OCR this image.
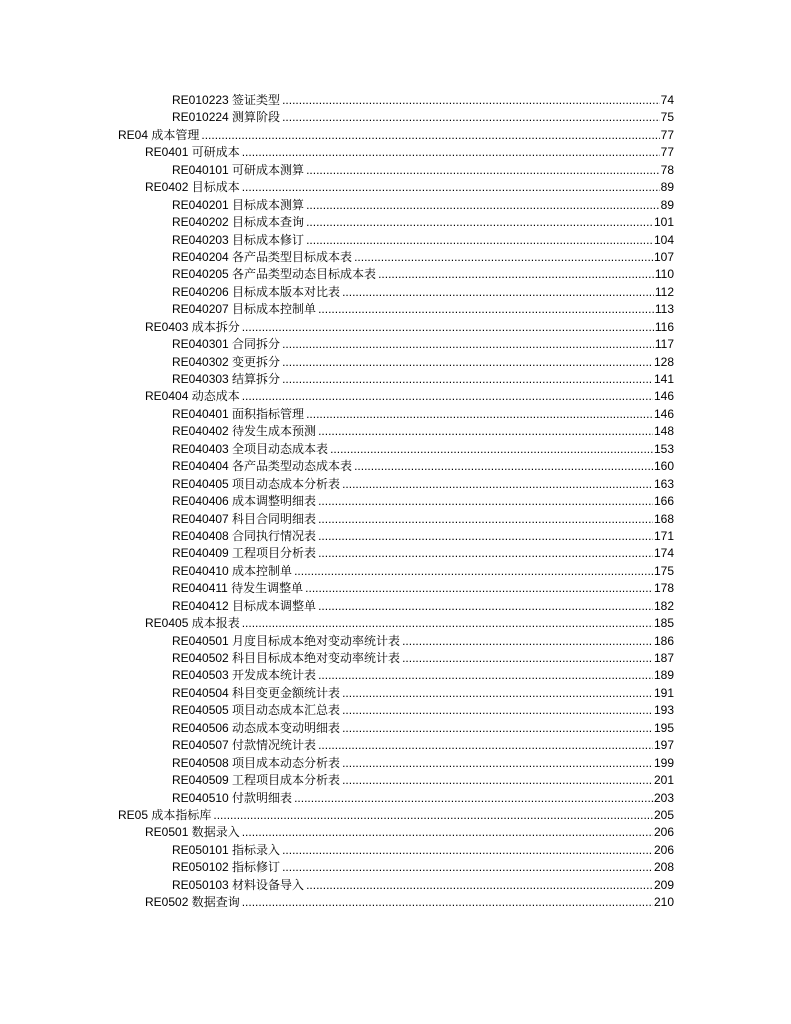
RE010223 签证类型 .....	74
RE010224 测算阶段 .....	75
RE04 成本管理 .....	77
RE0401 可研成本 .....	77
RE040101 可研成本测算 .....	78
RE0402 目标成本 .....	89
RE040201 目标成本测算 .....	89
RE040202 目标成本查询 .....	101
RE040203 目标成本修订 .....	104
RE040204 各产品类型目标成本表 .....	107
RE040205 各产品类型动态目标成本表 .....	110
RE040206 目标成本版本对比表 .....	112
RE040207 目标成本控制单 .....	113
RE0403 成本拆分 .....	116
RE040301 合同拆分 .....	117
RE040302 变更拆分 .....	128
RE040303 结算拆分 .....	141
RE0404 动态成本 .....	146
RE040401 面积指标管理 .....	146
RE040402 待发生成本预测 .....	148
RE040403 全项目动态成本表 .....	153
RE040404 各产品类型动态成本表 .....	160
RE040405 项目动态成本分析表 .....	163
RE040406 成本调整明细表 .....	166
RE040407 科目合同明细表 .....	168
RE040408 合同执行情况表 .....	171
RE040409 工程项目分析表 .....	174
RE040410 成本控制单 .....	175
RE040411 待发生调整单 .....	178
RE040412 目标成本调整单 .....	182
RE0405 成本报表 .....	185
RE040501 月度目标成本绝对变动率统计表 .....	186
RE040502 科目目标成本绝对变动率统计表 .....	187
RE040503 开发成本统计表 .....	189
RE040504 科目变更金额统计表 .....	191
RE040505 项目动态成本汇总表 .....	193
RE040506 动态成本变动明细表 .....	195
RE040507 付款情况统计表 .....	197
RE040508 项目成本动态分析表 .....	199
RE040509 工程项目成本分析表 .....	201
RE040510 付款明细表 .....	203
RE05 成本指标库 .....	205
RE0501 数据录入 .....	206
RE050101 指标录入 .....	206
RE050102 指标修订 .....	208
RE050103 材料设备导入 .....	209
RE0502 数据查询 .....	210
